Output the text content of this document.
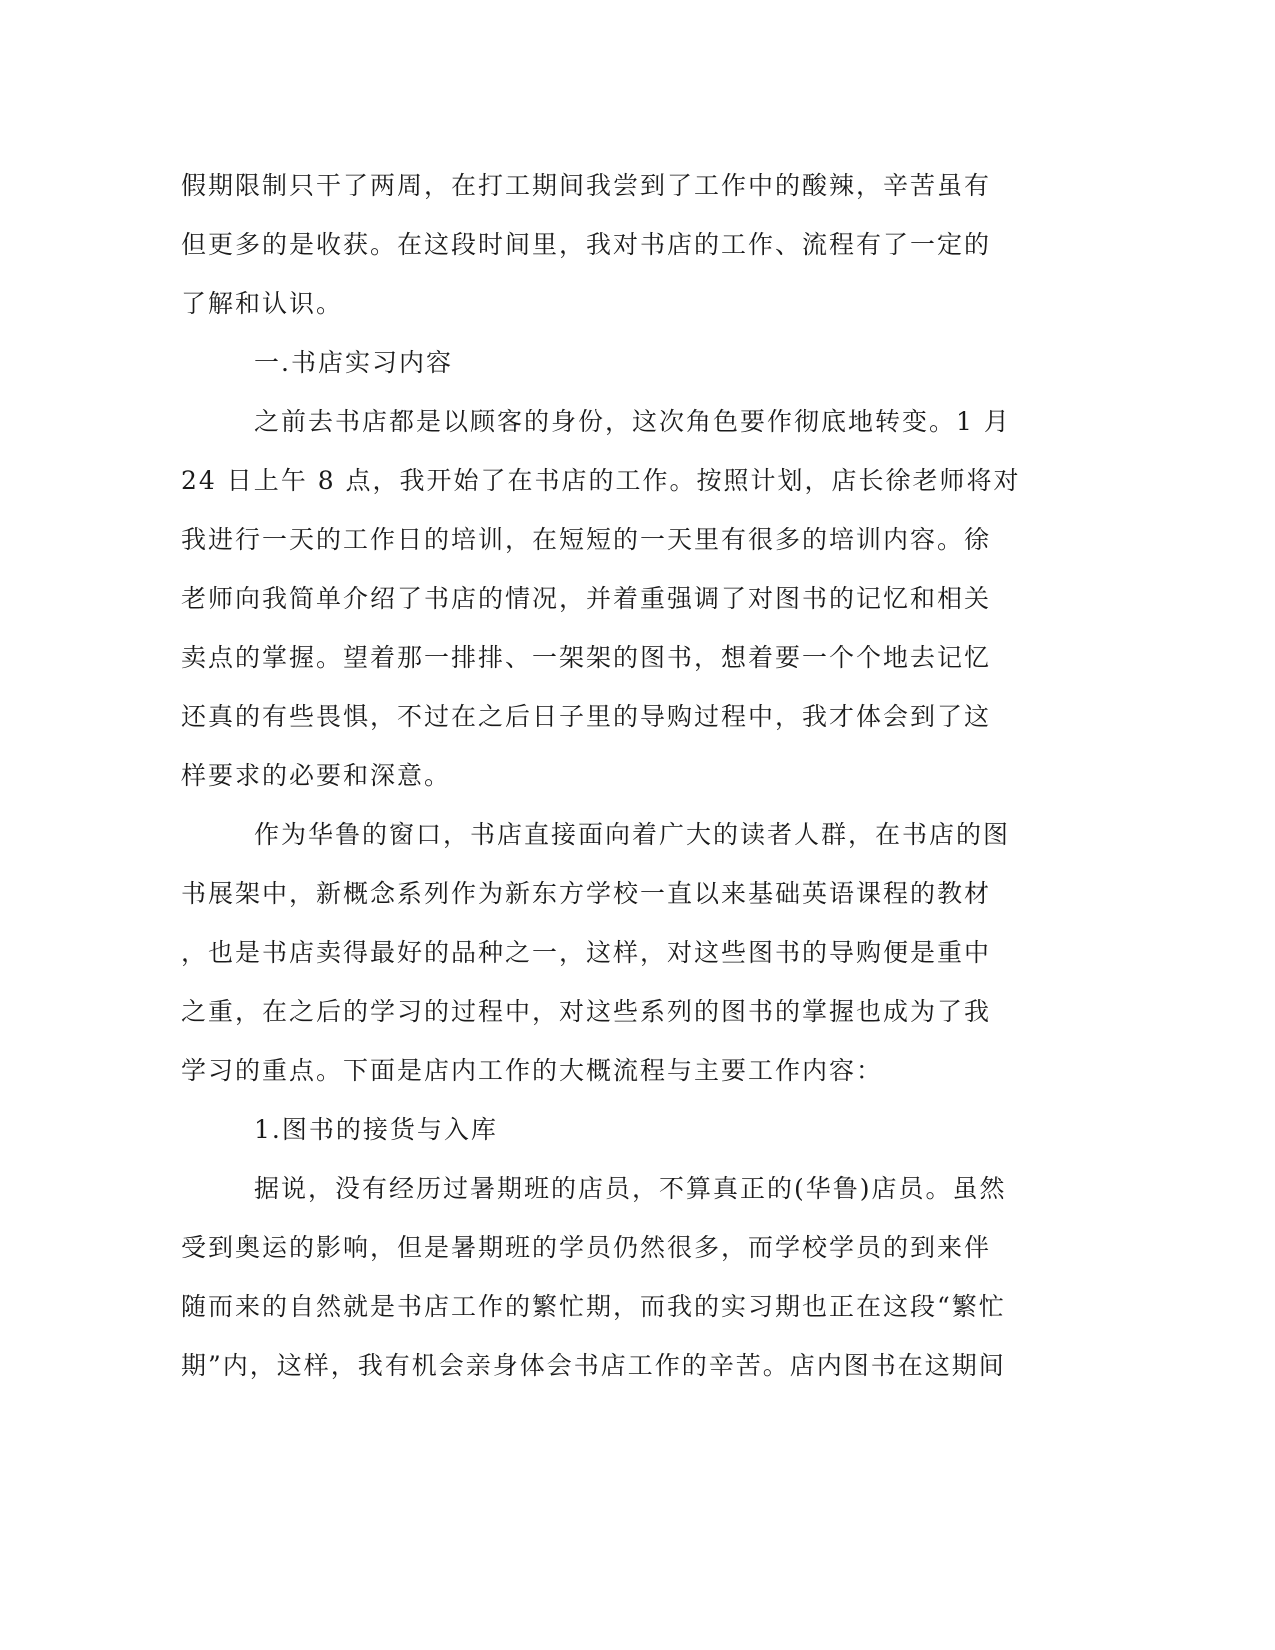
假期限制只干了两周，在打工期间我尝到了工作中的酸辣，辛苦虽有
但更多的是收获。在这段时间里，我对书店的工作、流程有了一定的
了解和认识。
一.书店实习内容
之前去书店都是以顾客的身份，这次角色要作彻底地转变。1 月
24 日上午 8 点，我开始了在书店的工作。按照计划，店长徐老师将对
我进行一天的工作日的培训，在短短的一天里有很多的培训内容。徐
老师向我简单介绍了书店的情况，并着重强调了对图书的记忆和相关
卖点的掌握。望着那一排排、一架架的图书，想着要一个个地去记忆
还真的有些畏惧，不过在之后日子里的导购过程中，我才体会到了这
样要求的必要和深意。
作为华鲁的窗口，书店直接面向着广大的读者人群，在书店的图
书展架中，新概念系列作为新东方学校一直以来基础英语课程的教材
，也是书店卖得最好的品种之一，这样，对这些图书的导购便是重中
之重，在之后的学习的过程中，对这些系列的图书的掌握也成为了我
学习的重点。下面是店内工作的大概流程与主要工作内容：
1.图书的接货与入库
据说，没有经历过暑期班的店员，不算真正的(华鲁)店员。虽然
受到奥运的影响，但是暑期班的学员仍然很多，而学校学员的到来伴
随而来的自然就是书店工作的繁忙期，而我的实习期也正在这段“繁忙
期”内，这样，我有机会亲身体会书店工作的辛苦。店内图书在这期间
